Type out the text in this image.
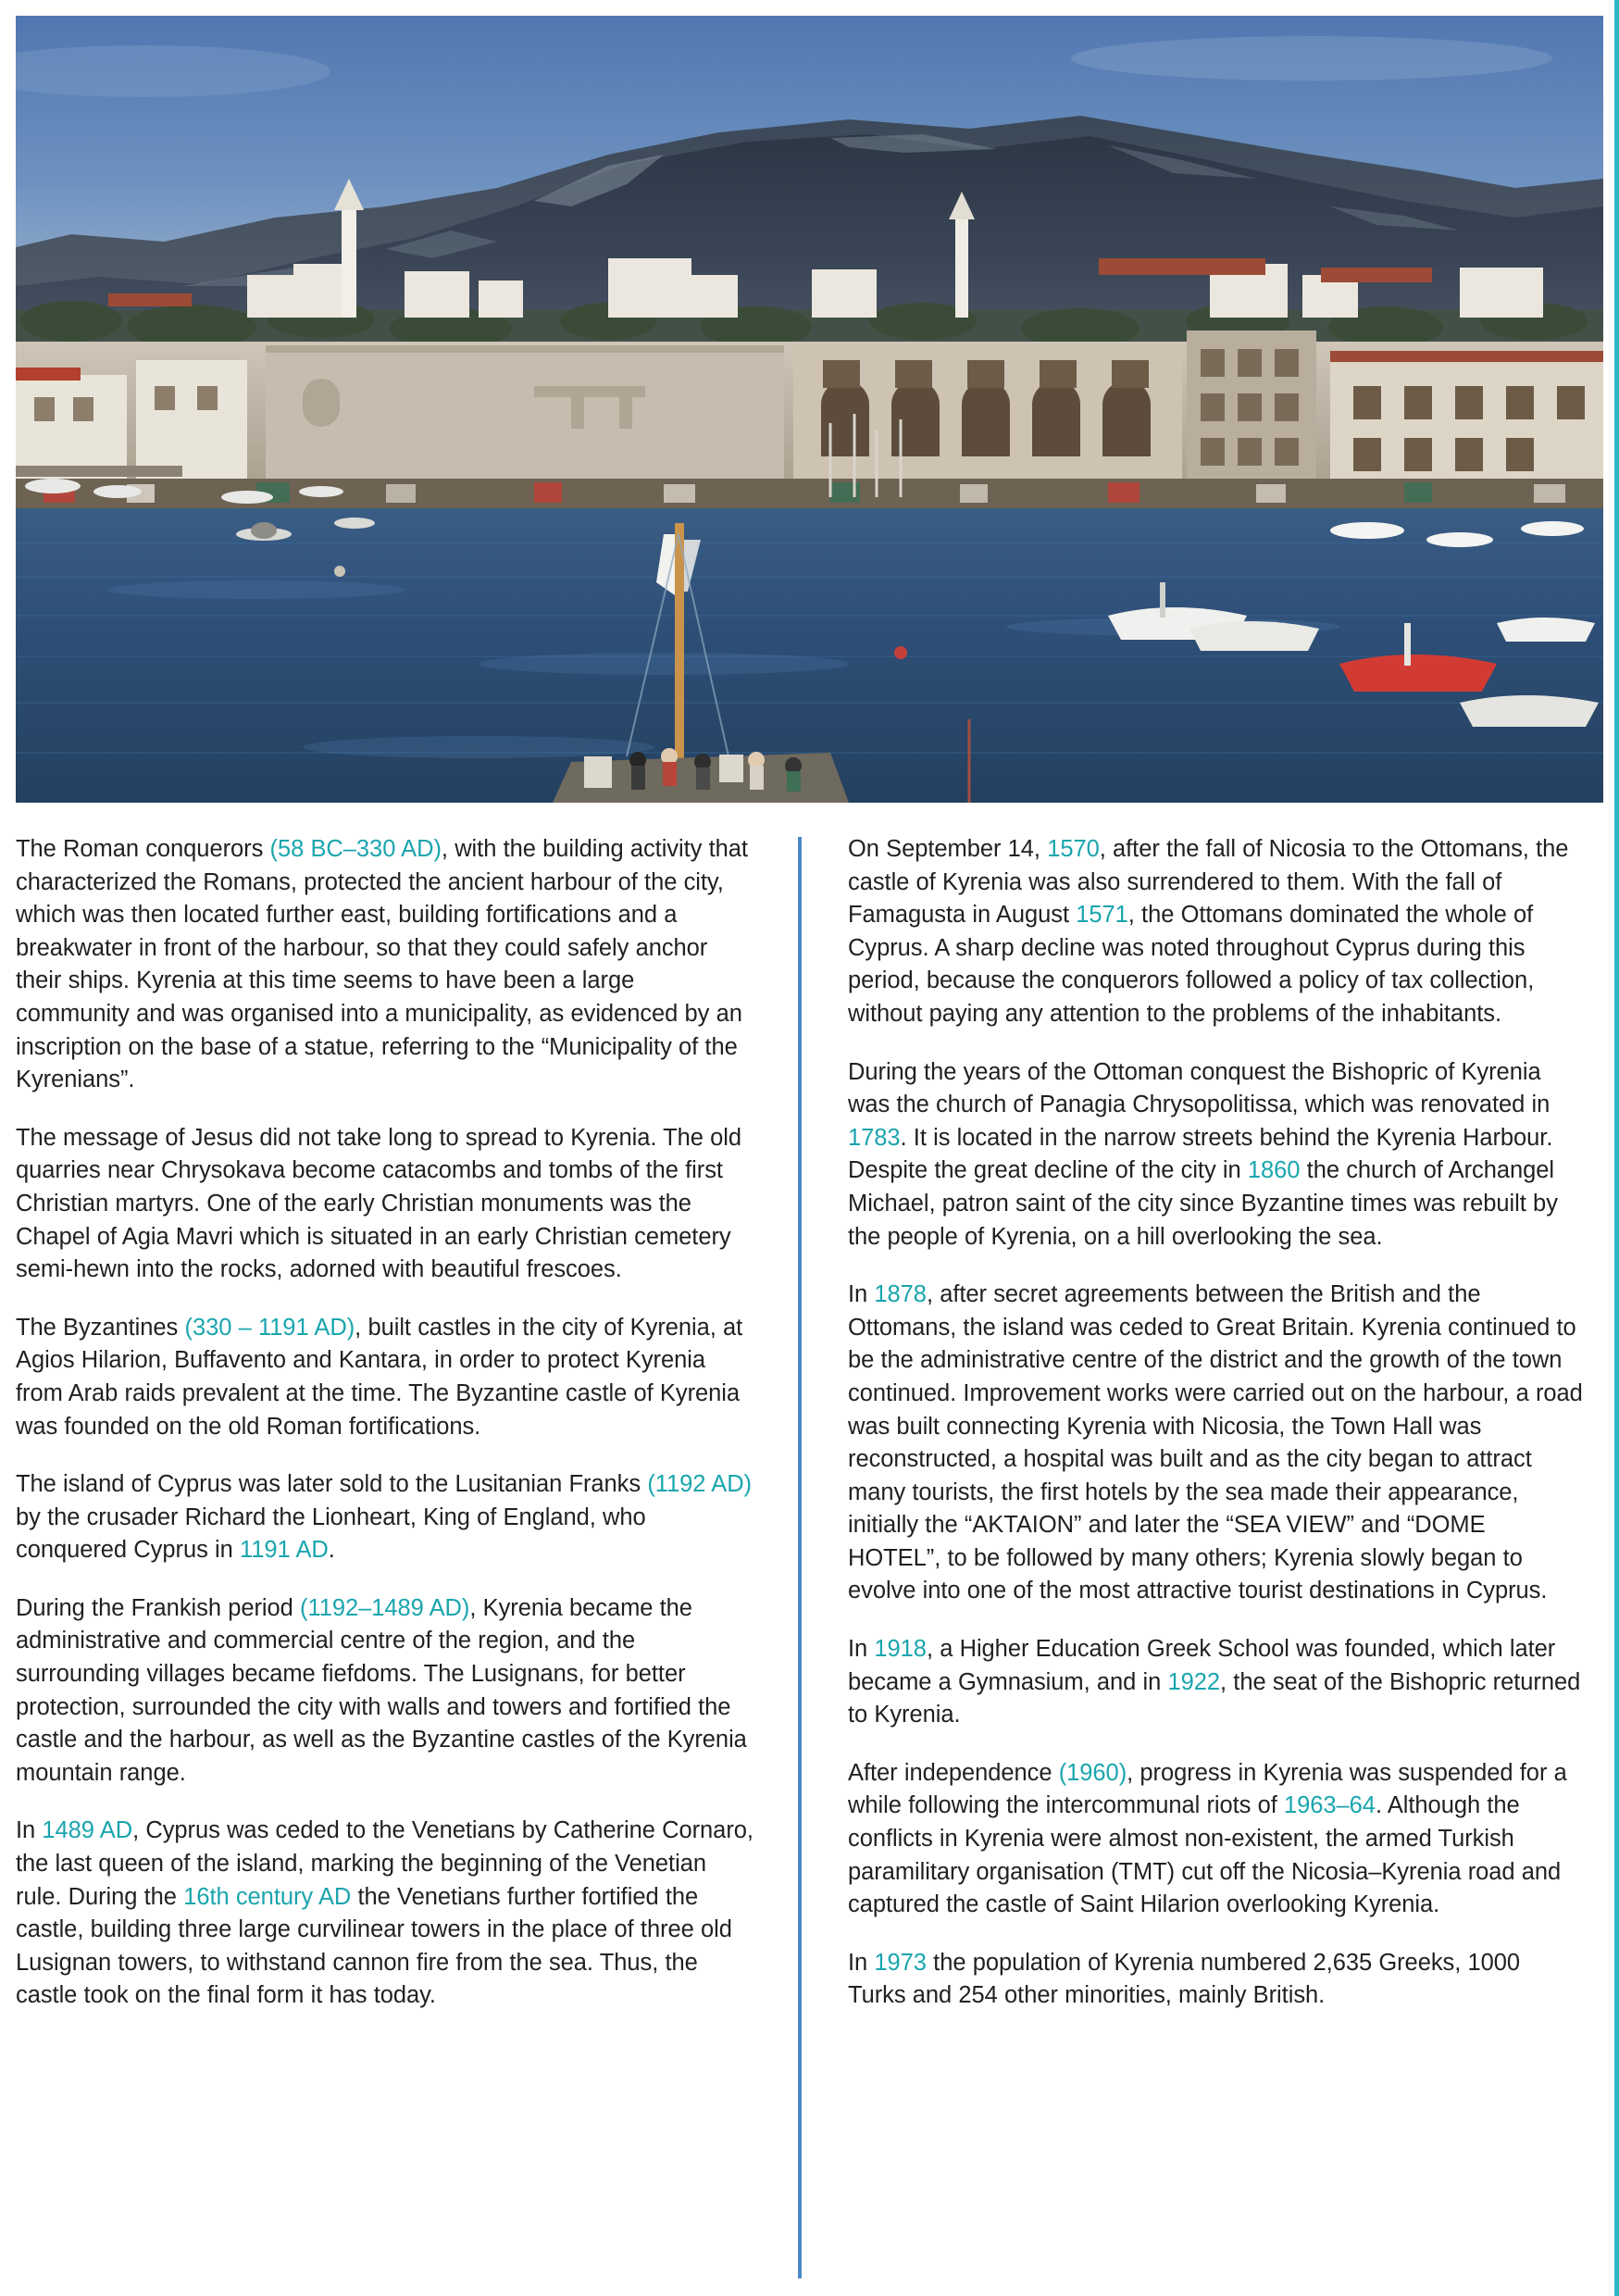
The Roman conquerors (58 BC–330 AD), with the building activity that characterized the Romans, protected the ancient harbour of the city, which was then located further east, building fortifications and a breakwater in front of the harbour, so that they could safely anchor their ships. Kyrenia at this time seems to have been a large community and was organised into a municipality, as evidenced by an inscription on the base of a statue, referring to the “Municipality of the Kyrenians”.

The message of Jesus did not take long to spread to Kyrenia. The old quarries near Chrysokava become catacombs and tombs of the first Christian martyrs. One of the early Christian monuments was the Chapel of Agia Mavri which is situated in an early Christian cemetery semi-hewn into the rocks, adorned with beautiful frescoes.

The Byzantines (330 – 1191 AD), built castles in the city of Kyrenia, at Agios Hilarion, Buffavento and Kantara, in order to protect Kyrenia from Arab raids prevalent at the time. The Byzantine castle of Kyrenia was founded on the old Roman fortifications.

The island of Cyprus was later sold to the Lusitanian Franks (1192 AD) by the crusader Richard the Lionheart, King of England, who conquered Cyprus in 1191 AD.

During the Frankish period (1192–1489 AD), Kyrenia became the administrative and commercial centre of the region, and the surrounding villages became fiefdoms. The Lusignans, for better protection, surrounded the city with walls and towers and fortified the castle and the harbour, as well as the Byzantine castles of the Kyrenia mountain range.

In 1489 AD, Cyprus was ceded to the Venetians by Catherine Cornaro, the last queen of the island, marking the beginning of the Venetian rule. During the 16th century AD the Venetians further fortified the castle, building three large curvilinear towers in the place of three old Lusignan towers, to withstand cannon fire from the sea. Thus, the castle took on the final form it has today.

On September 14, 1570, after the fall of Nicosia το the Ottomans, the castle of Kyrenia was also surrendered to them. With the fall of Famagusta in August 1571, the Ottomans dominated the whole of Cyprus. A sharp decline was noted throughout Cyprus during this period, because the conquerors followed a policy of tax collection, without paying any attention to the problems of the inhabitants.

During the years of the Ottoman conquest the Bishopric of Kyrenia was the church of Panagia Chrysopolitissa, which was renovated in 1783. It is located in the narrow streets behind the Kyrenia Harbour. Despite the great decline of the city in 1860 the church of Archangel Michael, patron saint of the city since Byzantine times was rebuilt by the people of Kyrenia, on a hill overlooking the sea.

In 1878, after secret agreements between the British and the Ottomans, the island was ceded to Great Britain. Kyrenia continued to be the administrative centre of the district and the growth of the town continued. Improvement works were carried out on the harbour, a road was built connecting Kyrenia with Nicosia, the Town Hall was reconstructed, a hospital was built and as the city began to attract many tourists, the first hotels by the sea made their appearance, initially the “AKTAION” and later the “SEA VIEW” and “DOME HOTEL”, to be followed by many others; Kyrenia slowly began to evolve into one of the most attractive tourist destinations in Cyprus.

In 1918, a Higher Education Greek School was founded, which later became a Gymnasium, and in 1922, the seat of the Bishopric returned to Kyrenia.

After independence (1960), progress in Kyrenia was suspended for a while following the intercommunal riots of 1963–64. Although the conflicts in Kyrenia were almost non-existent, the armed Turkish paramilitary organisation (TMT) cut off the Nicosia–Kyrenia road and captured the castle of Saint Hilarion overlooking Kyrenia.

In 1973 the population of Kyrenia numbered 2,635 Greeks, 1000 Turks and 254 other minorities, mainly British.
